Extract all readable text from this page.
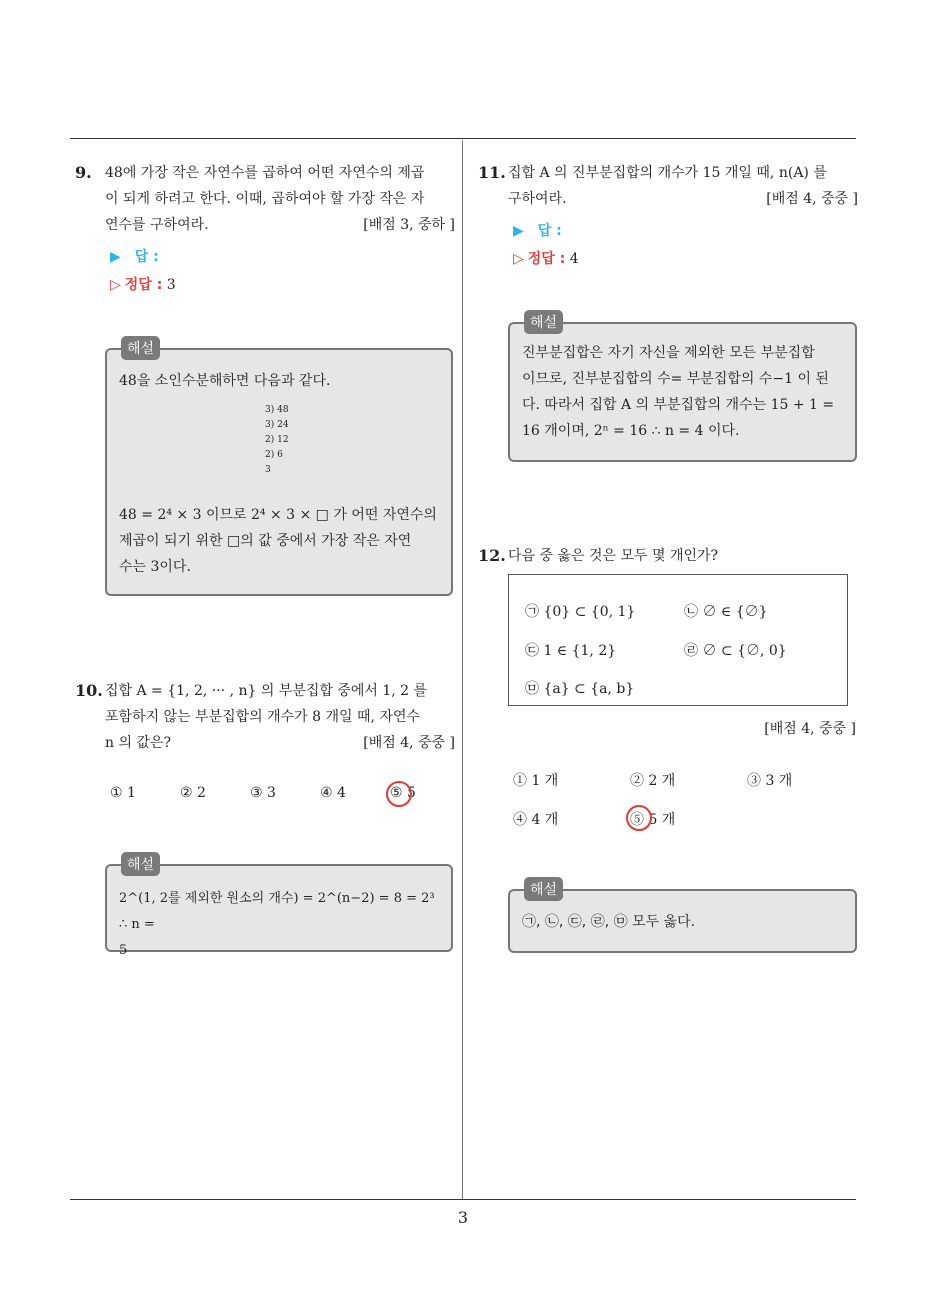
9. 48에 가장 작은 자연수를 곱하여 어떤 자연수의 제곱
이 되게 하려고 한다. 이때, 곱하여야 할 가장 작은 자
연수를 구하여라.	[배점 3, 중하 ]
▶ 답 :
▷ 정답 : 3
해설
48을 소인수분해하면 다음과 같다.
48 = 2⁴ × 3 이므로 2⁴ × 3 × □ 가 어떤 자연수의
제곱이 되기 위한 □의 값 중에서 가장 작은 자연
수는 3이다.
3) 48
3) 24
2) 12
2) 6
3
10. 집합 A = {1, 2, ··· , n} 의 부분집합 중에서 1, 2 를
포함하지 않는 부분집합의 개수가 8 개일 때, 자연수
n 의 값은?	[배점 4, 중중 ]
① 1	② 2	③ 3	④ 4	⑤ 5
해설
2^(1, 2를 제외한 원소의 개수) = 2^(n−2) = 8 = 2³ ∴ n =
5
11. 집합 A 의 진부분집합의 개수가 15 개일 때, n(A) 를
구하여라.	[배점 4, 중중 ]
▶ 답 :
▷ 정답 : 4
해설
진부분집합은 자기 자신을 제외한 모든 부분집합
이므로, 진부분집합의 수= 부분집합의 수−1 이 된
다. 따라서 집합 A 의 부분집합의 개수는 15 + 1 =
16 개이며, 2ⁿ = 16 ∴ n = 4 이다.
12. 다음 중 옳은 것은 모두 몇 개인가?
㉠ {0} ⊂ {0, 1}	㉡ ∅ ∈ {∅}
㉢ 1 ∈ {1, 2}	㉣ ∅ ⊂ {∅, 0}
㉤ {a} ⊂ {a, b}
[배점 4, 중중 ]
① 1 개	② 2 개	③ 3 개
④ 4 개	⑤ 5 개
해설
㉠, ㉡, ㉢, ㉣, ㉤ 모두 옳다.
3
